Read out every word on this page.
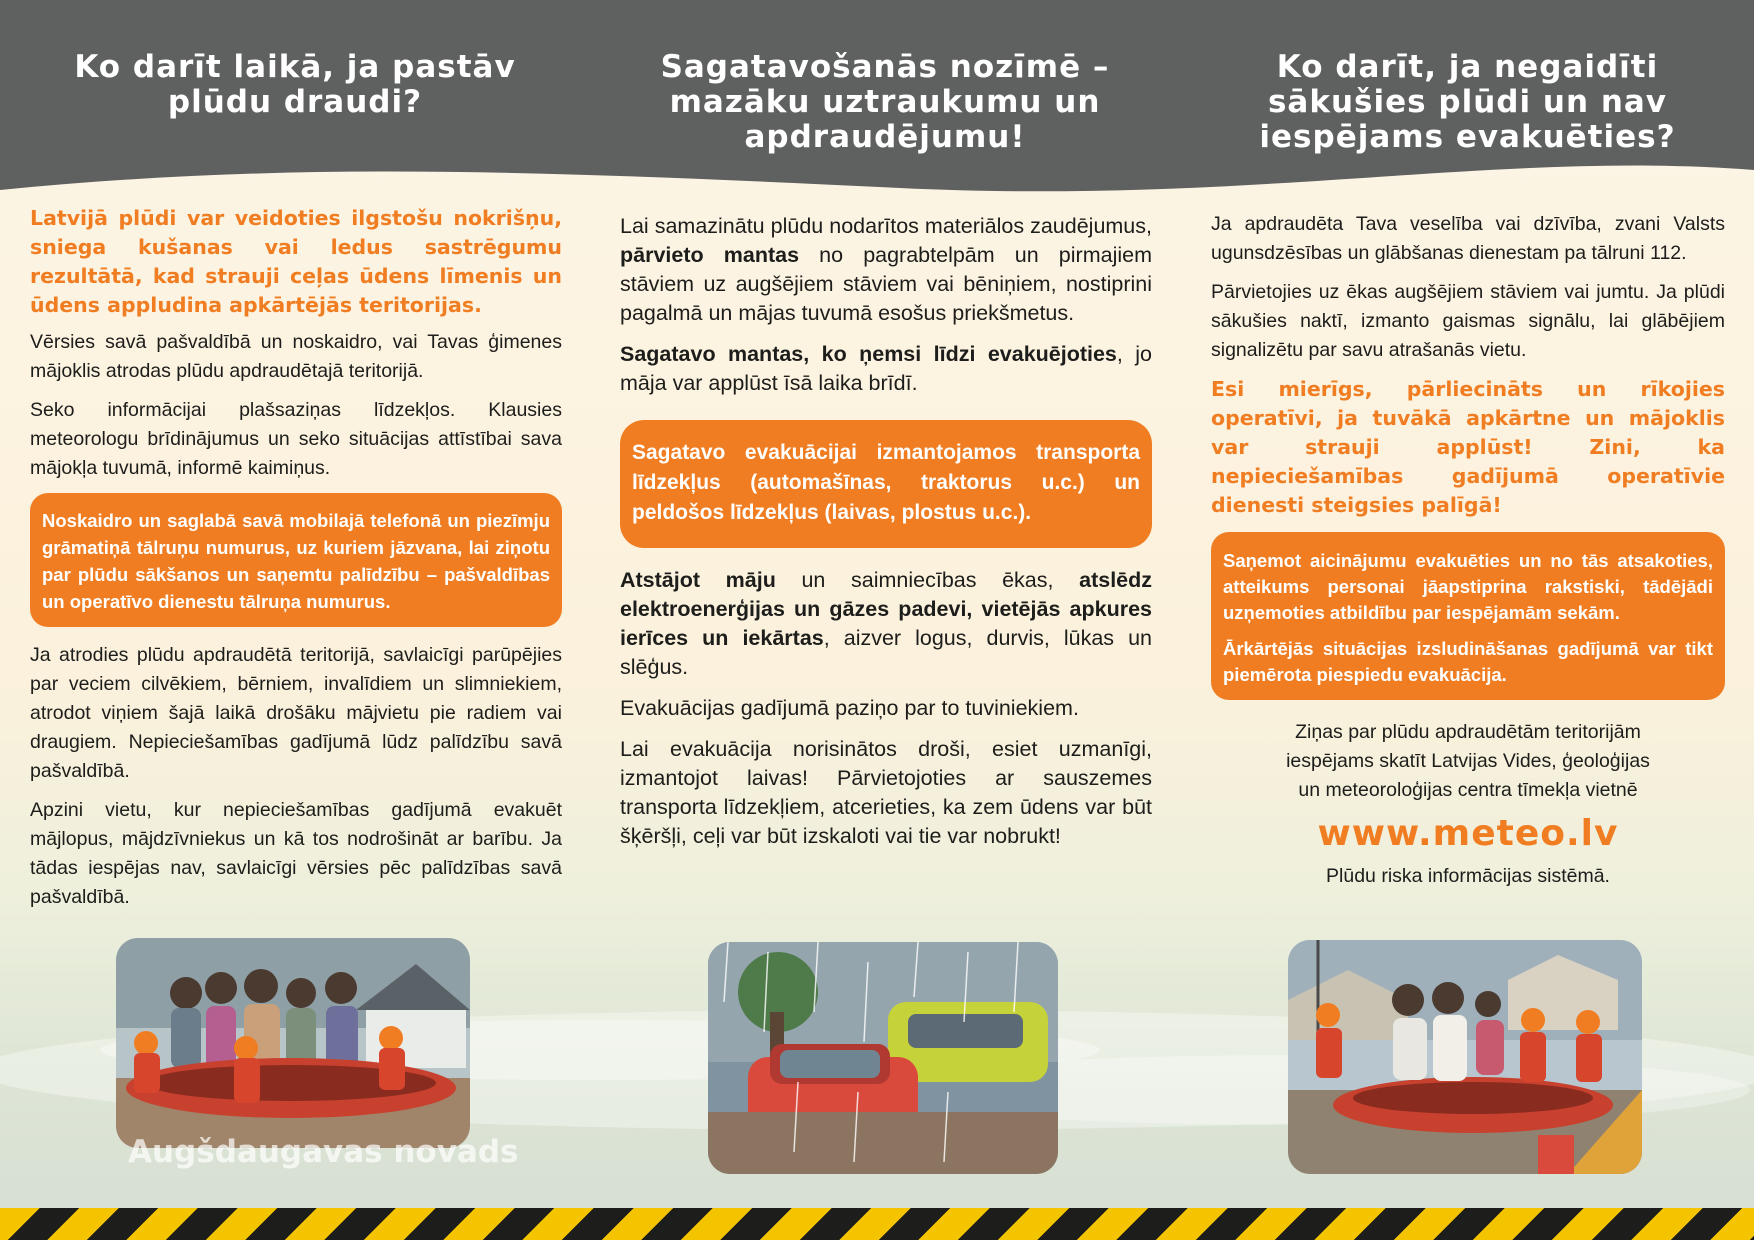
Ko darīt laikā, ja pastāv plūdu draudi?
Sagatavošanās nozīmē – mazāku uztraukumu un apdraudējumu!
Ko darīt, ja negaidīti sākušies plūdi un nav iespējams evakuēties?
Latvijā plūdi var veidoties ilgstošu nokrišņu, sniega kušanas vai ledus sastrēgumu rezultātā, kad strauji ceļas ūdens līmenis un ūdens appludina apkārtējās teritorijas.
Vērsies savā pašvaldībā un noskaidro, vai Tavas ģimenes mājoklis atrodas plūdu apdraudētajā teritorijā.
Seko informācijai plašsaziņas līdzekļos. Klausies meteorologu brīdinājumus un seko situācijas attīstībai sava mājokļa tuvumā, informē kaimiņus.
Noskaidro un saglabā savā mobilajā telefonā un piezīmju grāmatiņā tālruņu numurus, uz kuriem jāzvana, lai ziņotu par plūdu sākšanos un saņemtu palīdzību – pašvaldības un operatīvo dienestu tālruņa numurus.
Ja atrodies plūdu apdraudētā teritorijā, savlaicīgi parūpējies par veciem cilvēkiem, bērniem, invalīdiem un slimniekiem, atrodot viņiem šajā laikā drošāku mājvietu pie radiem vai draugiem. Nepieciešamības gadījumā lūdz palīdzību savā pašvaldībā.
Apzini vietu, kur nepieciešamības gadījumā evakuēt mājlopus, mājdzīvniekus un kā tos nodrošināt ar barību. Ja tādas iespējas nav, savlaicīgi vērsies pēc palīdzības savā pašvaldībā.
Lai samazinātu plūdu nodarītos materiālos zaudējumus, pārvieto mantas no pagrabtelpām un pirmajiem stāviem uz augšējiem stāviem vai bēniņiem, nostiprini pagalmā un mājas tuvumā esošus priekšmetus.
Sagatavo mantas, ko ņemsi līdzi evakuējoties, jo māja var applūst īsā laika brīdī.
Sagatavo evakuācijai izmantojamos transporta līdzekļus (automašīnas, traktorus u.c.) un peldošos līdzekļus (laivas, plostus u.c.).
Atstājot māju un saimniecības ēkas, atslēdz elektroenerģijas un gāzes padevi, vietējās apkures ierīces un iekārtas, aizver logus, durvis, lūkas un slēģus.
Evakuācijas gadījumā paziņo par to tuviniekiem.
Lai evakuācija norisinātos droši, esiet uzmanīgi, izmantojot laivas! Pārvietojoties ar sauszemes transporta līdzekļiem, atcerieties, ka zem ūdens var būt šķēršļi, ceļi var būt izskaloti vai tie var nobrukt!
Ja apdraudēta Tava veselība vai dzīvība, zvani Valsts ugunsdzēsības un glābšanas dienestam pa tālruni 112.
Pārvietojies uz ēkas augšējiem stāviem vai jumtu. Ja plūdi sākušies naktī, izmanto gaismas signālu, lai glābējiem signalizētu par savu atrašanās vietu.
Esi mierīgs, pārliecināts un rīkojies operatīvi, ja tuvākā apkārtne un mājoklis var strauji applūst! Zini, ka nepieciešamības gadījumā operatīvie dienesti steigsies palīgā!
Saņemot aicinājumu evakuēties un no tās atsakoties, atteikums personai jāapstiprina rakstiski, tādējādi uzņemoties atbildību par iespējamām sekām.
Ārkārtējās situācijas izsludināšanas gadījumā var tikt piemērota piespiedu evakuācija.
Ziņas par plūdu apdraudētām teritorijām iespējams skatīt Latvijas Vides, ģeoloģijas un meteoroloģijas centra tīmekļa vietnē
www.meteo.lv
Plūdu riska informācijas sistēmā.
Augšdaugavas novads
